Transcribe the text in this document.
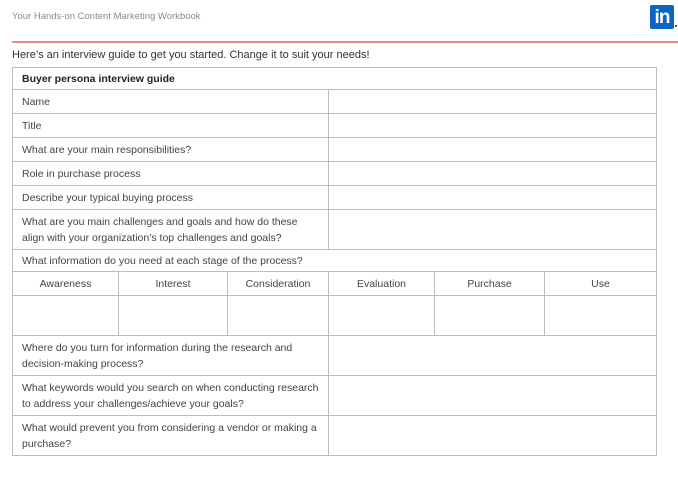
Your Hands-on Content Marketing Workbook	in
Here’s an interview guide to get you started. Change it to suit your needs!
Buyer persona interview guide					
Name					
Title					
What are your main responsibilities?					
Role in purchase process					
Describe your typical buying process					
What are you main challenges and goals and how do these align with your organization’s top challenges and goals?					
What information do you need at each stage of the process?					
Awareness	Interest	Consideration	Evaluation	Purchase	Use

Where do you turn for information during the research and decision-making process?					
What keywords would you search on when conducting research to address your challenges/achieve your goals?					
What would prevent you from considering a vendor or making a purchase?					
